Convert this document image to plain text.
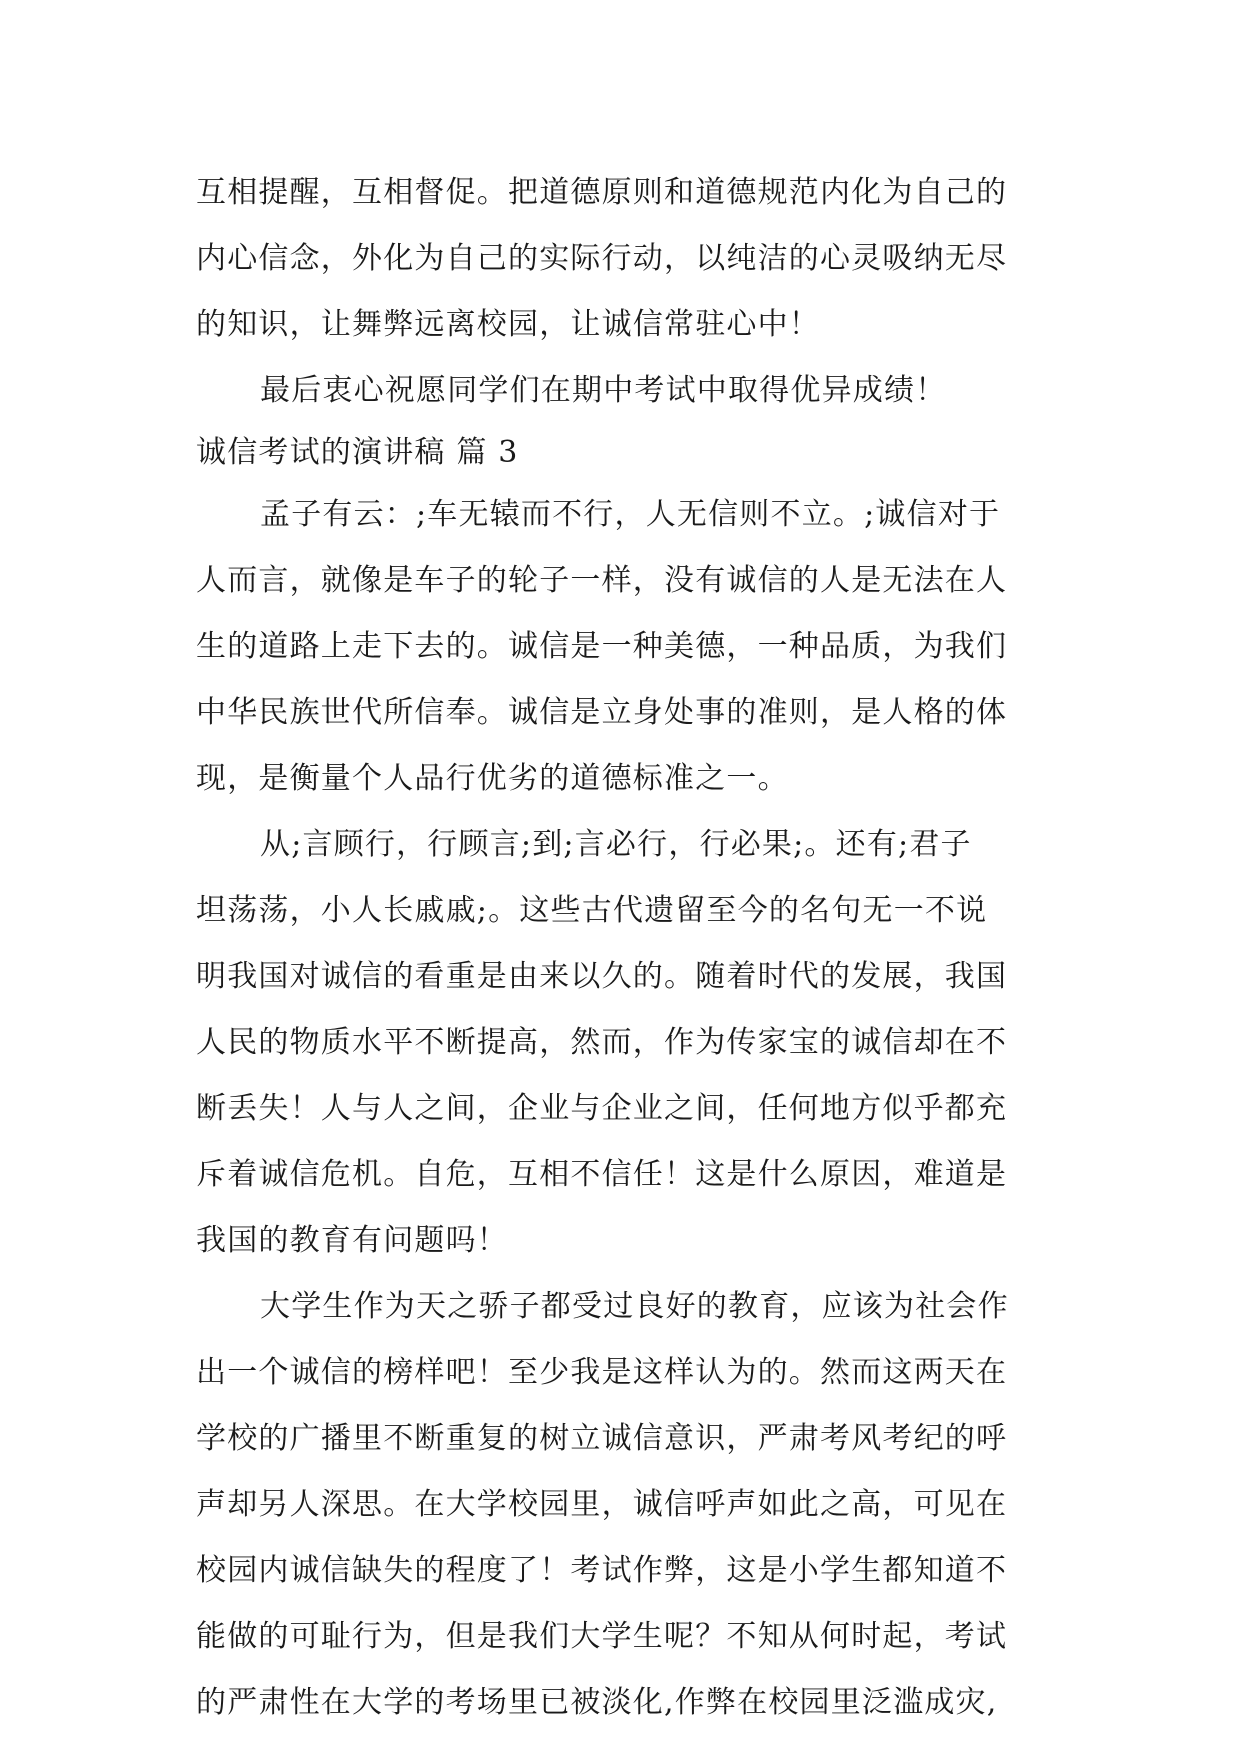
互相提醒，互相督促。把道德原则和道德规范内化为自己的
内心信念，外化为自己的实际行动，以纯洁的心灵吸纳无尽
的知识，让舞弊远离校园，让诚信常驻心中！
最后衷心祝愿同学们在期中考试中取得优异成绩！
诚信考试的演讲稿 篇 3
孟子有云：;车无辕而不行，人无信则不立。;诚信对于
人而言，就像是车子的轮子一样，没有诚信的人是无法在人
生的道路上走下去的。诚信是一种美德，一种品质，为我们
中华民族世代所信奉。诚信是立身处事的准则，是人格的体
现，是衡量个人品行优劣的道德标准之一。
从;言顾行，行顾言;到;言必行，行必果;。还有;君子
坦荡荡，小人长戚戚;。这些古代遗留至今的名句无一不说
明我国对诚信的看重是由来以久的。随着时代的发展，我国
人民的物质水平不断提高，然而，作为传家宝的诚信却在不
断丢失！人与人之间，企业与企业之间，任何地方似乎都充
斥着诚信危机。自危，互相不信任！这是什么原因，难道是
我国的教育有问题吗！
大学生作为天之骄子都受过良好的教育，应该为社会作
出一个诚信的榜样吧！至少我是这样认为的。然而这两天在
学校的广播里不断重复的树立诚信意识，严肃考风考纪的呼
声却另人深思。在大学校园里，诚信呼声如此之高，可见在
校园内诚信缺失的程度了！考试作弊，这是小学生都知道不
能做的可耻行为，但是我们大学生呢？不知从何时起，考试
的严肃性在大学的考场里已被淡化,作弊在校园里泛滥成灾,
